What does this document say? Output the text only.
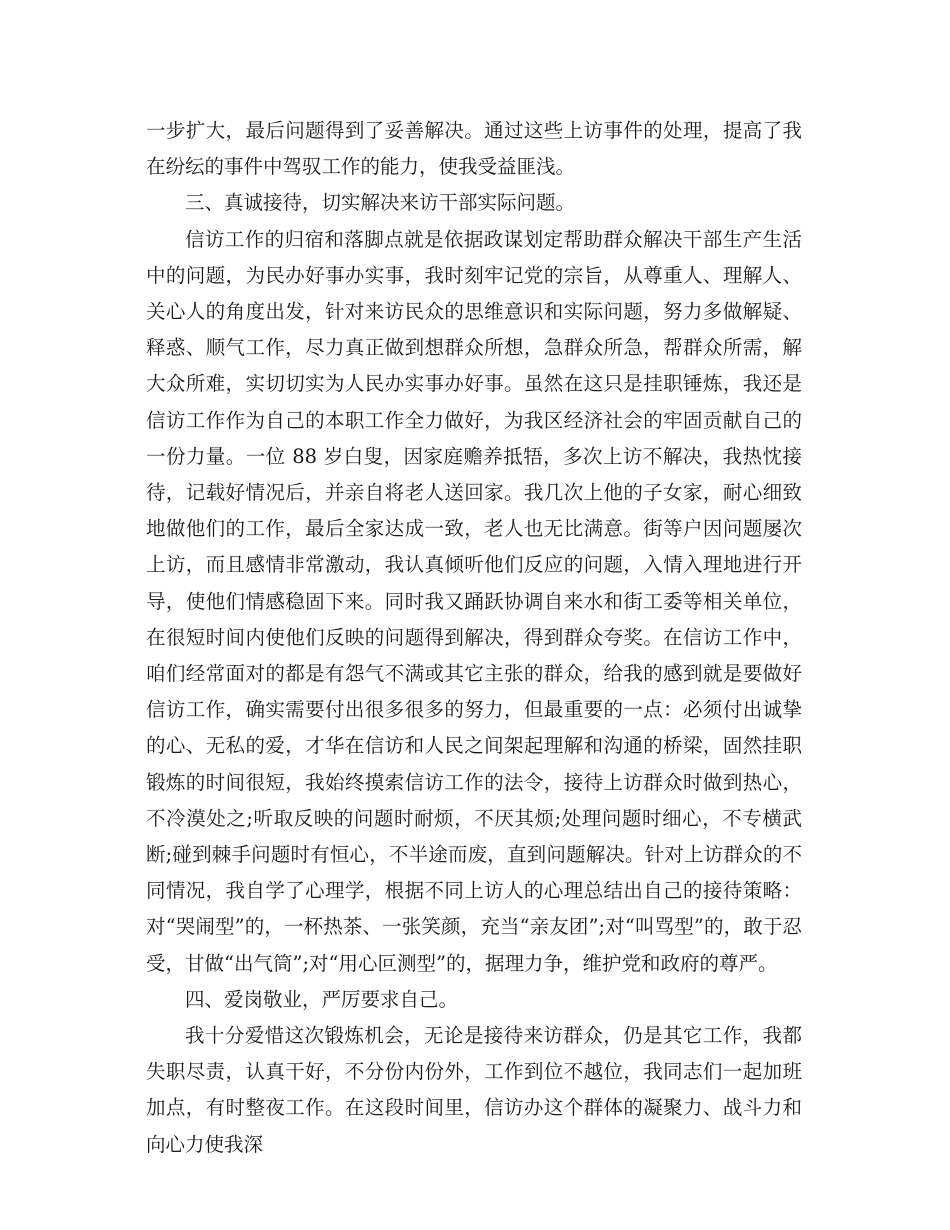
一步扩大，最后问题得到了妥善解决。通过这些上访事件的处理，提高了我在纷纭的事件中驾驭工作的能力，使我受益匪浅。

三、真诚接待，切实解决来访干部实际问题。

信访工作的归宿和落脚点就是依据政谋划定帮助群众解决干部生产生活中的问题，为民办好事办实事，我时刻牢记党的宗旨，从尊重人、理解人、关心人的角度出发，针对来访民众的思维意识和实际问题，努力多做解疑、释惑、顺气工作，尽力真正做到想群众所想，急群众所急，帮群众所需，解大众所难，实切切实为人民办实事办好事。虽然在这只是挂职锤炼，我还是信访工作作为自己的本职工作全力做好，为我区经济社会的牢固贡献自己的一份力量。一位 88 岁白叟，因家庭赡养抵牾，多次上访不解决，我热忱接待，记载好情况后，并亲自将老人送回家。我几次上他的子女家，耐心细致地做他们的工作，最后全家达成一致，老人也无比满意。街等户因问题屡次上访，而且感情非常激动，我认真倾听他们反应的问题，入情入理地进行开导，使他们情感稳固下来。同时我又踊跃协调自来水和街工委等相关单位，在很短时间内使他们反映的问题得到解决，得到群众夸奖。在信访工作中，咱们经常面对的都是有怨气不满或其它主张的群众，给我的感到就是要做好信访工作，确实需要付出很多很多的努力，但最重要的一点：必须付出诚挚的心、无私的爱，才华在信访和人民之间架起理解和沟通的桥梁，固然挂职锻炼的时间很短，我始终摸索信访工作的法令，接待上访群众时做到热心，不冷漠处之;听取反映的问题时耐烦，不厌其烦;处理问题时细心，不专横武断;碰到棘手问题时有恒心，不半途而废，直到问题解决。针对上访群众的不同情况，我自学了心理学，根据不同上访人的心理总结出自己的接待策略：对“哭闹型”的，一杯热茶、一张笑颜，充当“亲友团”;对“叫骂型”的，敢于忍受，甘做“出气筒”;对“用心叵测型”的，据理力争，维护党和政府的尊严。

四、爱岗敬业，严厉要求自己。

我十分爱惜这次锻炼机会，无论是接待来访群众，仍是其它工作，我都失职尽责，认真干好，不分份内份外，工作到位不越位，我同志们一起加班加点，有时整夜工作。在这段时间里，信访办这个群体的凝聚力、战斗力和向心力使我深
